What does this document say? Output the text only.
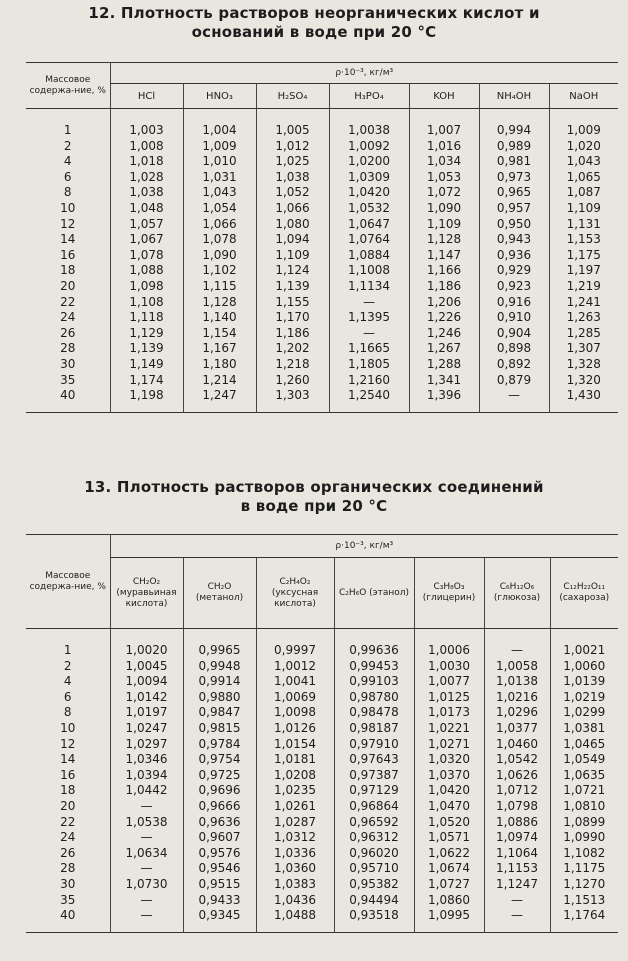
12. Плотность растворов неорганических кислот и
оснований в воде при 20 °С
Массовое содержа-ние, %	ρ·10⁻³, кг/м³						
	HCl	HNO₃	H₂SO₄	H₃PO₄	KOH	NH₄OH	NaOH

1	1,003	1,004	1,005	1,0038	1,007	0,994	1,009
2	1,008	1,009	1,012	1,0092	1,016	0,989	1,020
4	1,018	1,010	1,025	1,0200	1,034	0,981	1,043
6	1,028	1,031	1,038	1,0309	1,053	0,973	1,065
8	1,038	1,043	1,052	1,0420	1,072	0,965	1,087
10	1,048	1,054	1,066	1,0532	1,090	0,957	1,109
12	1,057	1,066	1,080	1,0647	1,109	0,950	1,131
14	1,067	1,078	1,094	1,0764	1,128	0,943	1,153
16	1,078	1,090	1,109	1,0884	1,147	0,936	1,175
18	1,088	1,102	1,124	1,1008	1,166	0,929	1,197
20	1,098	1,115	1,139	1,1134	1,186	0,923	1,219
22	1,108	1,128	1,155	—	1,206	0,916	1,241
24	1,118	1,140	1,170	1,1395	1,226	0,910	1,263
26	1,129	1,154	1,186	—	1,246	0,904	1,285
28	1,139	1,167	1,202	1,1665	1,267	0,898	1,307
30	1,149	1,180	1,218	1,1805	1,288	0,892	1,328
35	1,174	1,214	1,260	1,2160	1,341	0,879	1,320
40	1,198	1,247	1,303	1,2540	1,396	—	1,430

13. Плотность растворов органических соединений
в воде при 20 °С
Массовое содержа-ние, %	ρ·10⁻³, кг/м³						
	CH₂O₂ (муравьиная кислота)	CH₂O (метанол)	C₂H₄O₂ (уксусная кислота)	C₂H₆O (этанол)	C₃H₈O₃ (глицерин)	C₆H₁₂O₆ (глюкоза)	C₁₂H₂₂O₁₁ (сахароза)

1	1,0020	0,9965	0,9997	0,99636	1,0006	—	1,0021
2	1,0045	0,9948	1,0012	0,99453	1,0030	1,0058	1,0060
4	1,0094	0,9914	1,0041	0,99103	1,0077	1,0138	1,0139
6	1,0142	0,9880	1,0069	0,98780	1,0125	1,0216	1,0219
8	1,0197	0,9847	1,0098	0,98478	1,0173	1,0296	1,0299
10	1,0247	0,9815	1,0126	0,98187	1,0221	1,0377	1,0381
12	1,0297	0,9784	1,0154	0,97910	1,0271	1,0460	1,0465
14	1,0346	0,9754	1,0181	0,97643	1,0320	1,0542	1,0549
16	1,0394	0,9725	1,0208	0,97387	1,0370	1,0626	1,0635
18	1,0442	0,9696	1,0235	0,97129	1,0420	1,0712	1,0721
20	—	0,9666	1,0261	0,96864	1,0470	1,0798	1,0810
22	1,0538	0,9636	1,0287	0,96592	1,0520	1,0886	1,0899
24	—	0,9607	1,0312	0,96312	1,0571	1,0974	1,0990
26	1,0634	0,9576	1,0336	0,96020	1,0622	1,1064	1,1082
28	—	0,9546	1,0360	0,95710	1,0674	1,1153	1,1175
30	1,0730	0,9515	1,0383	0,95382	1,0727	1,1247	1,1270
35	—	0,9433	1,0436	0,94494	1,0860	—	1,1513
40	—	0,9345	1,0488	0,93518	1,0995	—	1,1764
